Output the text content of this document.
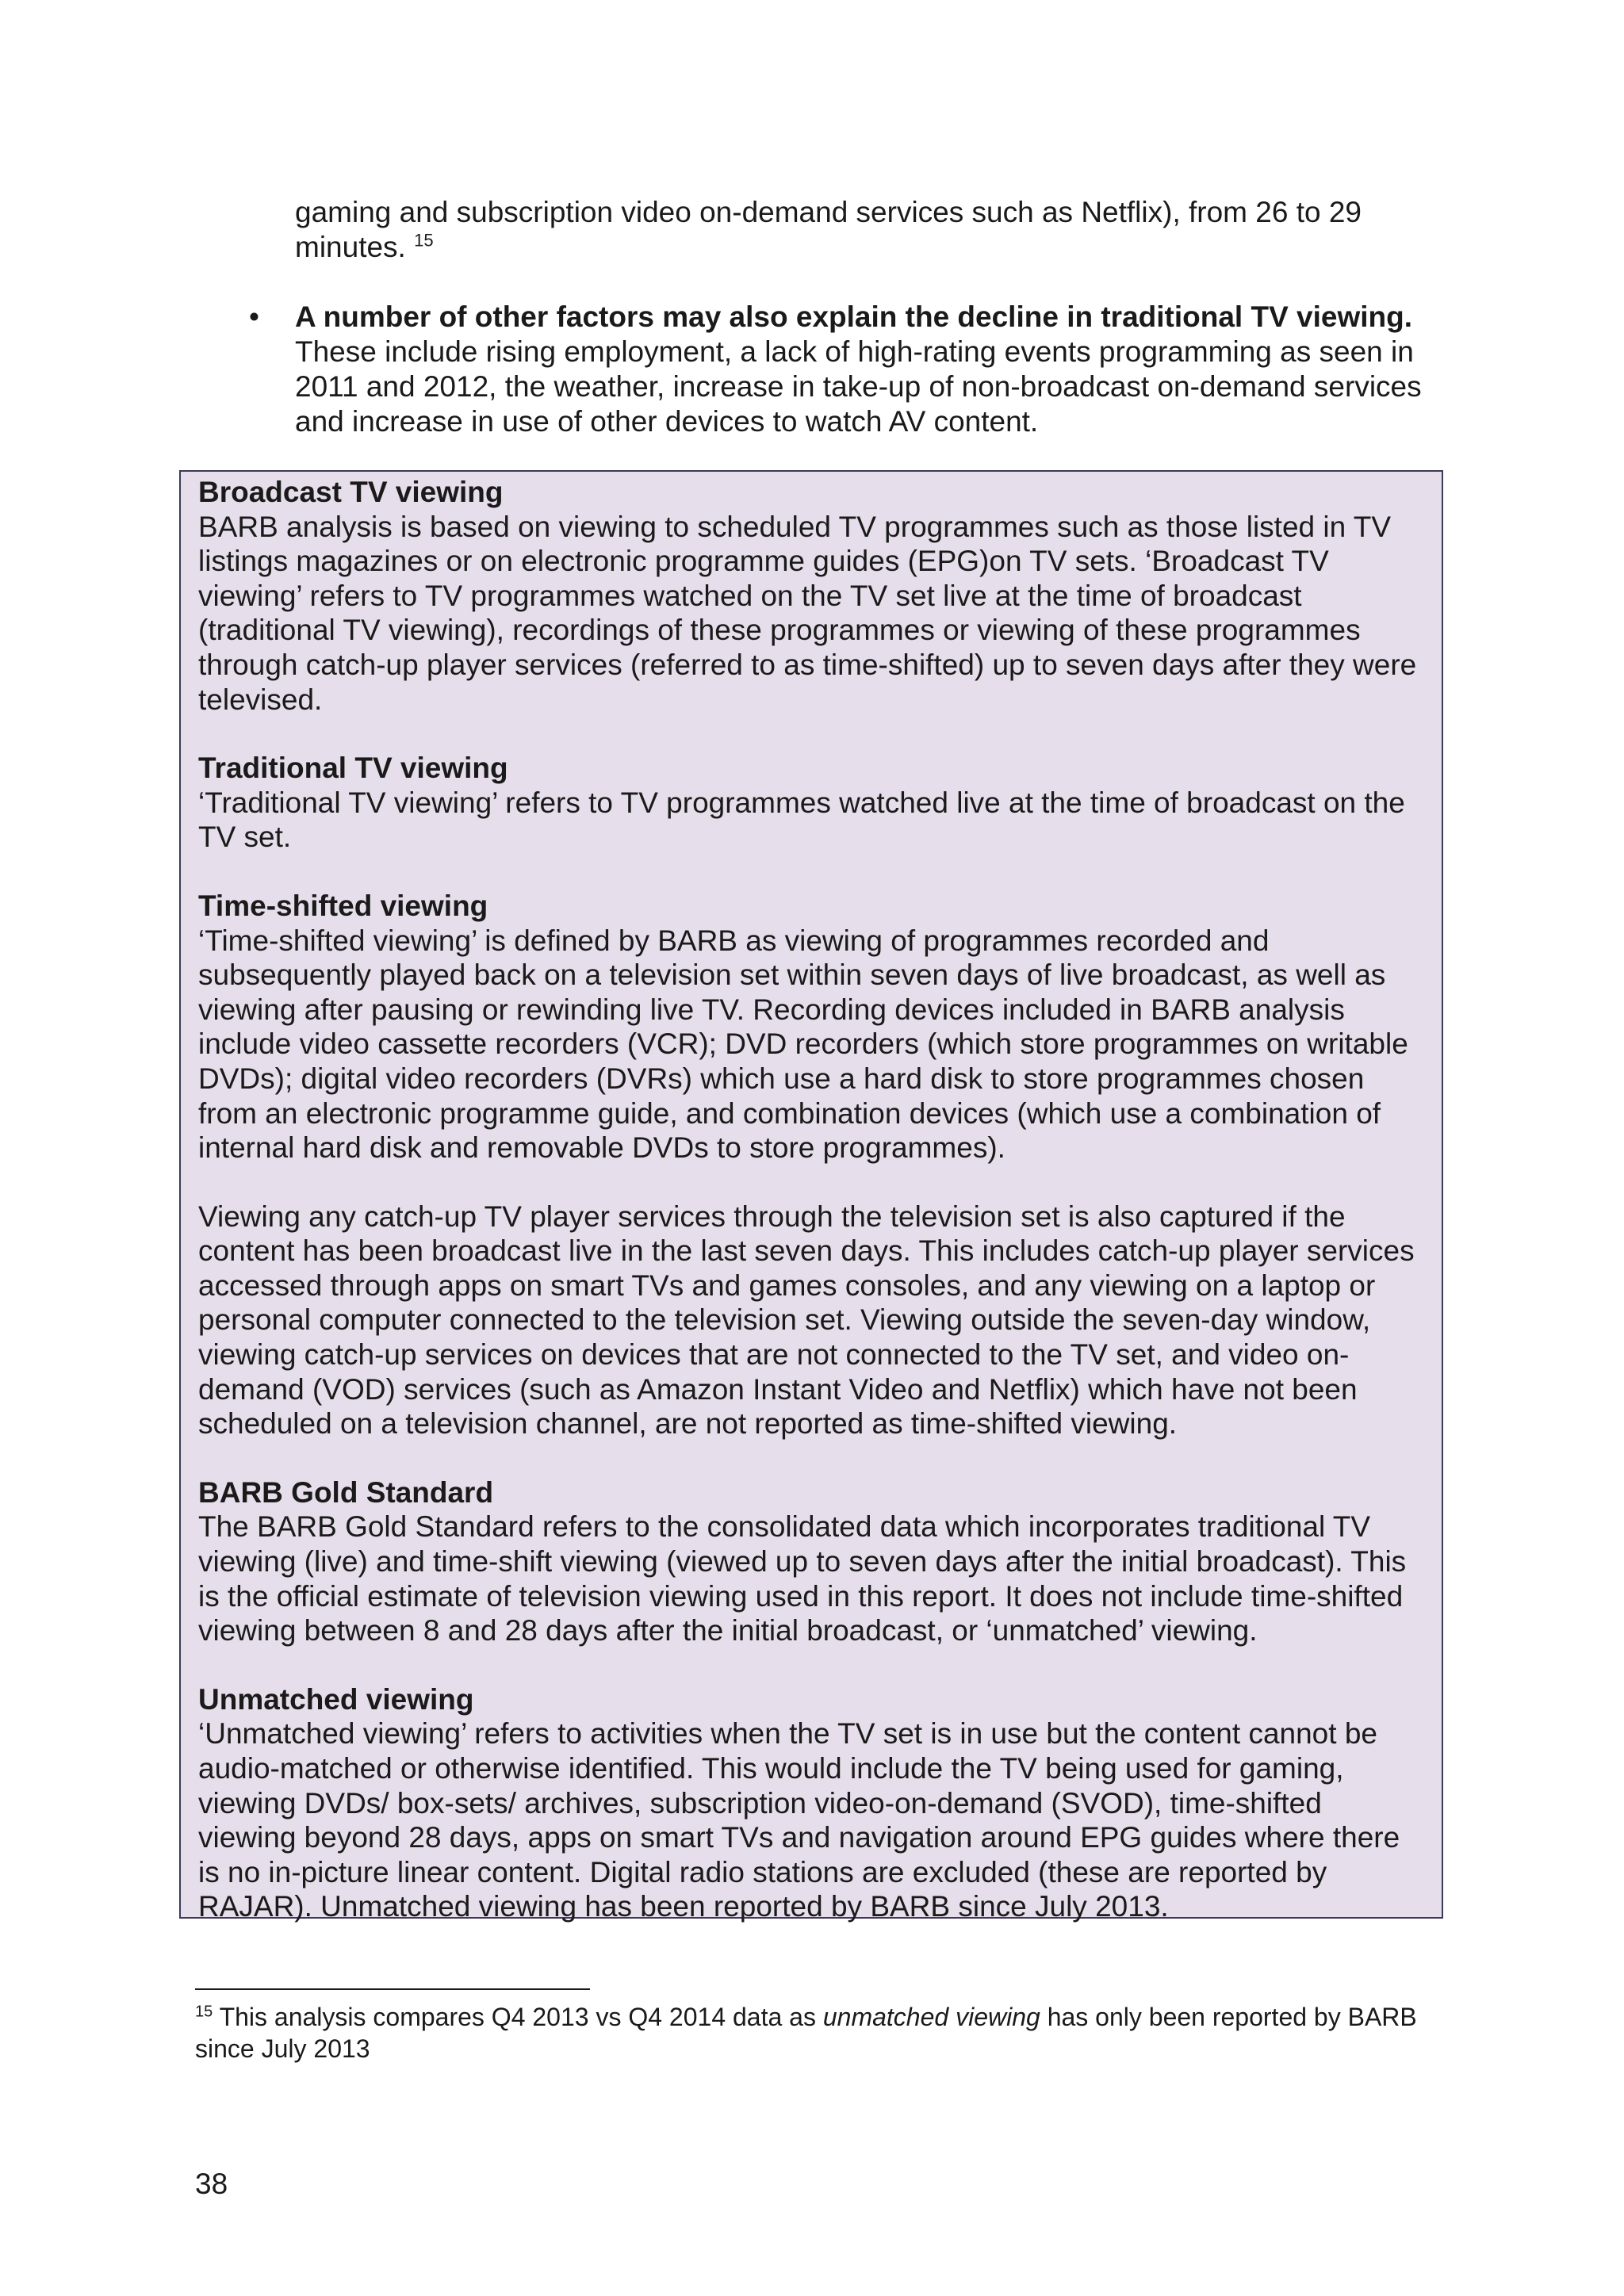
gaming and subscription video on-demand services such as Netflix), from 26 to 29 minutes. $^{15}$
• A number of other factors may also explain the decline in traditional TV viewing. These include rising employment, a lack of high-rating events programming as seen in 2011 and 2012, the weather, increase in take-up of non-broadcast on-demand services and increase in use of other devices to watch AV content.
Broadcast TV viewing
BARB analysis is based on viewing to scheduled TV programmes such as those listed in TV listings magazines or on electronic programme guides (EPG)on TV sets. ‘Broadcast TV viewing’ refers to TV programmes watched on the TV set live at the time of broadcast (traditional TV viewing), recordings of these programmes or viewing of these programmes through catch-up player services (referred to as time-shifted) up to seven days after they were televised.
Traditional TV viewing
‘Traditional TV viewing’ refers to TV programmes watched live at the time of broadcast on the TV set.
Time-shifted viewing
‘Time-shifted viewing’ is defined by BARB as viewing of programmes recorded and subsequently played back on a television set within seven days of live broadcast, as well as viewing after pausing or rewinding live TV. Recording devices included in BARB analysis include video cassette recorders (VCR); DVD recorders (which store programmes on writable DVDs); digital video recorders (DVRs) which use a hard disk to store programmes chosen from an electronic programme guide, and combination devices (which use a combination of internal hard disk and removable DVDs to store programmes).
Viewing any catch-up TV player services through the television set is also captured if the content has been broadcast live in the last seven days. This includes catch-up player services accessed through apps on smart TVs and games consoles, and any viewing on a laptop or personal computer connected to the television set. Viewing outside the seven-day window, viewing catch-up services on devices that are not connected to the TV set, and video on-demand (VOD) services (such as Amazon Instant Video and Netflix) which have not been scheduled on a television channel, are not reported as time-shifted viewing.
BARB Gold Standard
The BARB Gold Standard refers to the consolidated data which incorporates traditional TV viewing (live) and time-shift viewing (viewed up to seven days after the initial broadcast). This is the official estimate of television viewing used in this report. It does not include time-shifted viewing between 8 and 28 days after the initial broadcast, or ‘unmatched’ viewing.
Unmatched viewing
‘Unmatched viewing’ refers to activities when the TV set is in use but the content cannot be audio-matched or otherwise identified. This would include the TV being used for gaming, viewing DVDs/ box-sets/ archives, subscription video-on-demand (SVOD), time-shifted viewing beyond 28 days, apps on smart TVs and navigation around EPG guides where there is no in-picture linear content. Digital radio stations are excluded (these are reported by RAJAR). Unmatched viewing has been reported by BARB since July 2013.
$^{15}$ This analysis compares Q4 2013 vs Q4 2014 data as unmatched viewing has only been reported by BARB since July 2013
38
